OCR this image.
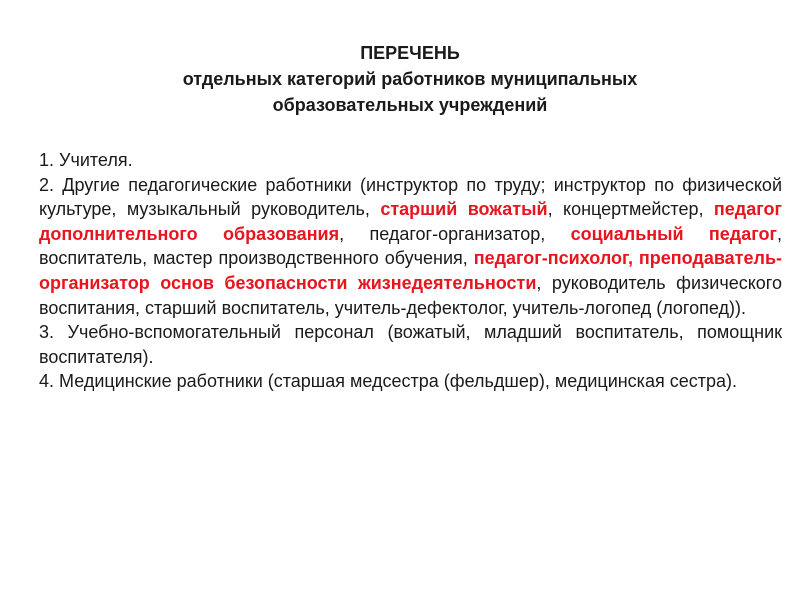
ПЕРЕЧЕНЬ
отдельных категорий работников муниципальных
образовательных учреждений

1. Учителя.

2. Другие педагогические работники (инструктор по труду; инструктор по физической культуре, музыкальный руководитель, старший вожатый, концертмейстер, педагог дополнительного образования, педагог-организатор, социальный педагог, воспитатель, мастер производственного обучения, педагог-психолог, преподаватель-организатор основ безопасности жизнедеятельности, руководитель физического воспитания, старший воспитатель, учитель-дефектолог, учитель-логопед (логопед)).

3. Учебно-вспомогательный персонал (вожатый, младший воспитатель, помощник воспитателя).

4. Медицинские работники (старшая медсестра (фельдшер), медицинская сестра).
